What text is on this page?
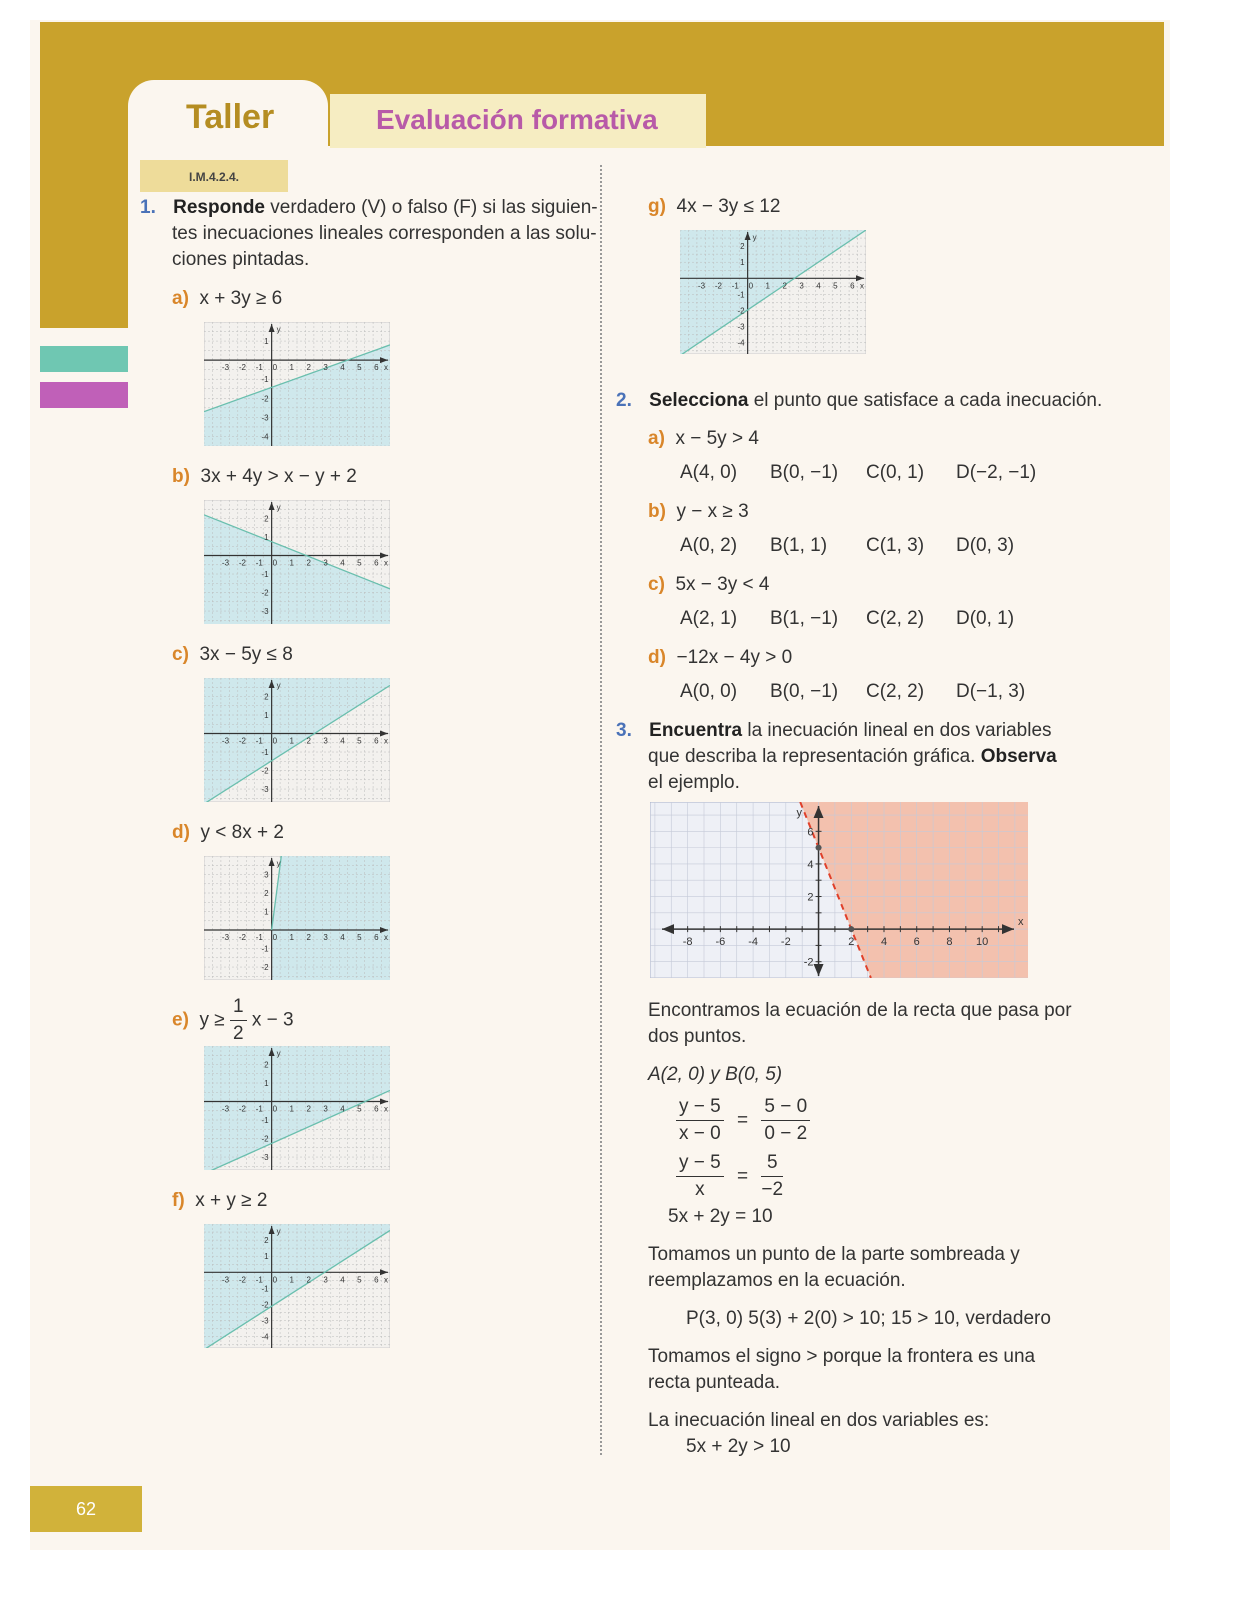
Taller	Evaluación formativa
I.M.4.2.4.
1. Responde verdadero (V) o falso (F) si las siguien-
tes inecuaciones lineales corresponden a las solu-
ciones pintadas.
a) x + 3y ≥ 6
-3 -2 -1 0 1 2 3 4 5 6
1
-1
-2
-3
-4
x
y
b) 3x + 4y > x − y + 2
-3 -2 -1 0 1 2 3 4 5 6
2
1
-1
-2
-3
x
y
c) 3x − 5y ≤ 8
-3 -2 -1 0 1 2 3 4 5 6
2
1
-1
-2
-3
x
y
d) y < 8x + 2
-3 -2 -1 0 1 2 3 4 5 6
3
2
1
-1
-2
x
y
e) $y \ge \frac{1}{2}$ x − 3
-3 -2 -1 0 1 2 3 4 5 6
2
1
-1
-2
-3
x
y
f) x + y ≥ 2
-3 -2 -1 0 1 2 3 4 5 6
2
1
-1
-2
-3
-4
x
y
g) 4x − 3y ≤ 12
-3 -2 -1 0 1 2 3 4 5 6
2
1
-1
-2
-3
-4
x
y
2. Selecciona el punto que satisface a cada inecuación.
a)  x − 5y > 4
A(4, 0) B(0, −1) C(0, 1) D(−2, −1)
b)  y − x ≥ 3
A(0, 2) B(1, 1) C(1, 3) D(0, 3)
c)  5x − 3y < 4
A(2, 1) B(1, −1) C(2, 2) D(0, 1)
d)  −12x − 4y > 0
A(0, 0) B(0, −1) C(2, 2) D(−1, 3)
3. Encuentra la inecuación lineal en dos variables
que describa la representación gráfica. Observa
el ejemplo.
-8 -6 -4 -2	2 4 6 8 10
6
4
2
-2
x
y
Encontramos la ecuación de la recta que pasa por
dos puntos.
A(2, 0) y B(0, 5)
$\frac{y - 5}{x - 0} = \frac{5 - 0}{0 - 2}$
$\frac{y - 5}{x} = \frac{5}{-2}$
5x + 2y = 10
Tomamos un punto de la parte sombreada y
reemplazamos en la ecuación.
P(3, 0) 5(3) + 2(0) > 10; 15 > 10, verdadero
Tomamos el signo > porque la frontera es una
recta punteada.
La inecuación lineal en dos variables es:
5x + 2y > 10
62
